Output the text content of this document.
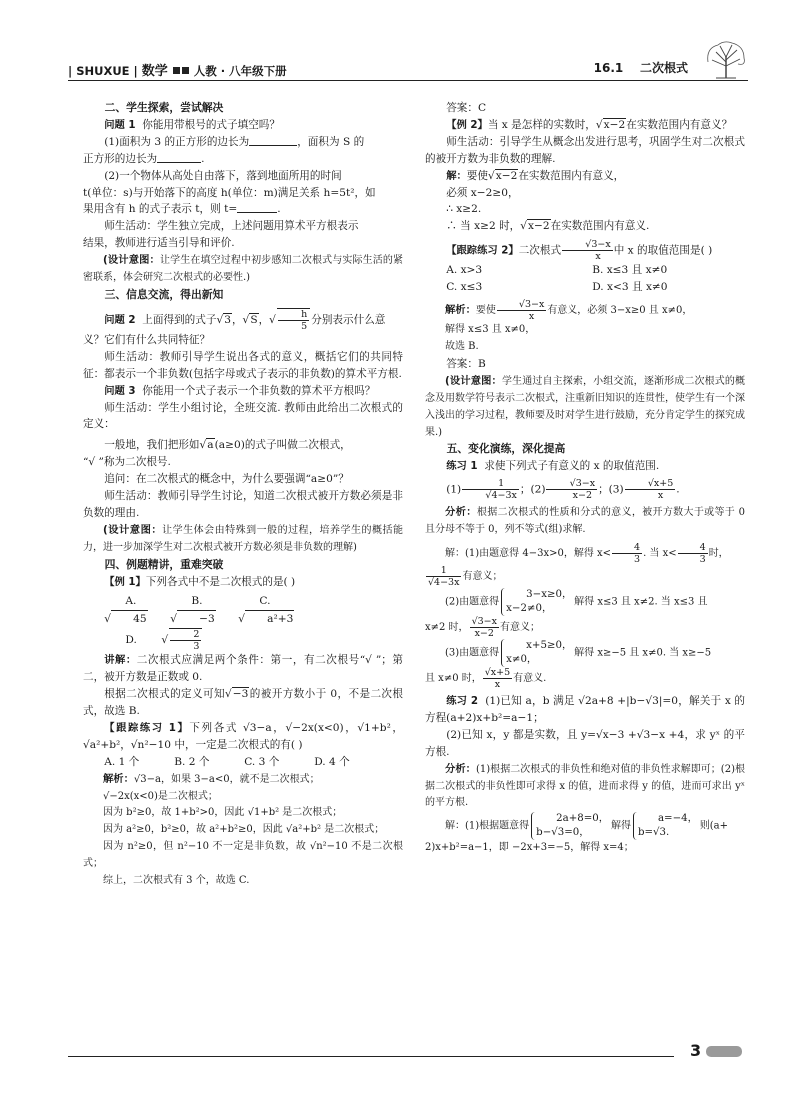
| SHUXUE | 数学 人教 · 八年级下册	16.1 二次根式

二、学生探索，尝试解决

问题 1 你能用带根号的式子填空吗？

(1)面积为 3 的正方形的边长为	，面积为 S 的

正方形的边长为	.

(2)一个物体从高处自由落下，落到地面所用的时间

t(单位：s)与开始落下的高度 h(单位：m)满足关系 h=5t²，如

果用含有 h 的式子表示 t，则 t=	.

师生活动：学生独立完成，上述问题用算术平方根表示

结果，教师进行适当引导和评价.

(设计意图：让学生在填空过程中初步感知二次根式与实际生活的紧密联系，体会研究二次根式的必要性.)

三、信息交流，得出新知

问题 2 上面得到的式子√3，√S，√ $\frac{h}{5}$ 分别表示什么意

义？它们有什么共同特征？

师生活动：教师引导学生说出各式的意义，概括它们的共同特征：都表示一个非负数(包括字母或式子表示的非负数)的算术平方根.

问题 3 你能用一个式子表示一个非负数的算术平方根吗？

师生活动：学生小组讨论，全班交流. 教师由此给出二次根式的定义：

一般地，我们把形如√a(a≥0)的式子叫做二次根式，

“√ ”称为二次根号.

追问：在二次根式的概念中，为什么要强调“a≥0”？

师生活动：教师引导学生讨论，知道二次根式被开方数必须是非负数的理由.

(设计意图：让学生体会由特殊到一般的过程，培养学生的概括能力，进一步加深学生对二次根式被开方数必须是非负数的理解)

四、例题精讲，重难突破

【例 1】下列各式中不是二次根式的是( )

A. √ 45
B. √ −3
C. √ a²+3
D. √ $\frac{2}{3}$

讲解：二次根式应满足两个条件：第一，有二次根号“√ ”；第二，被开方数是正数或 0.

根据二次根式的定义可知√−3的被开方数小于 0，不是二次根式，故选 B.

【跟踪练习 1】下列各式 √3−a，√−2x(x<0)，√1+b²，√a²+b²，√n²−10 中，一定是二次根式的有( )

A. 1 个	B. 2 个	C. 3 个	D. 4 个

解析：√3−a，如果 3−a<0，就不是二次根式；

√−2x(x<0)是二次根式；

因为 b²≥0，故 1+b²>0，因此 √1+b² 是二次根式；

因为 a²≥0，b²≥0，故 a²+b²≥0，因此 √a²+b² 是二次根式；

因为 n²≥0，但 n²−10 不一定是非负数，故 √n²−10 不是二次根式；

综上，二次根式有 3 个，故选 C.

答案：C

【例 2】当 x 是怎样的实数时，√x−2在实数范围内有意义？

师生活动：引导学生从概念出发进行思考，巩固学生对二次根式的被开方数为非负数的理解.

解：要使√x−2在实数范围内有意义，

必须 x−2≥0，

∴ x≥2.

∴ 当 x≥2 时，√x−2在实数范围内有意义.

【跟踪练习 2】二次根式 $\frac{√3-x}{x}$ 中 x 的取值范围是( )

A. x>3	B. x≤3 且 x≠0

C. x≤3	D. x<3 且 x≠0

解析：要使 $\frac{√3-x}{x}$ 有意义，必须 3−x≥0 且 x≠0，

解得 x≤3 且 x≠0，

故选 B.

答案：B

(设计意图：学生通过自主探索，小组交流，逐渐形成二次根式的概念及用数学符号表示二次根式，注重新旧知识的连贯性，使学生有一个深入浅出的学习过程，教师要及时对学生进行鼓励，充分肯定学生的探究成果.)

五、变化演练，深化提高

练习 1 求使下列式子有意义的 x 的取值范围.

$(1) \frac{1}{√4-3x}$ ；$(2) \frac{√3-x}{x-2}$ ；$(3) \frac{√x+5}{x}$ .

分析：根据二次根式的性质和分式的意义，被开方数大于或等于 0 且分母不等于 0，列不等式(组)求解.

解：(1)由题意得 4−3x>0，解得 $x< \frac{4}{3}$ . 当 $x< \frac{4}{3}$ 时，

$\frac{1}{√4-3x}$ 有意义；

(2)由题意得3−x≥0，
x−2≠0，解得 x≤3 且 x≠2. 当 x≤3 且

x≠2 时， $\frac{√3-x}{x-2}$ 有意义；

(3)由题意得x+5≥0，
x≠0，解得 x≥−5 且 x≠0. 当 x≥−5

且 x≠0 时， $\frac{√x+5}{x}$ 有意义.

练习 2 (1)已知 a，b 满足 √2a+8 +|b−√3|=0，解关于 x 的方程(a+2)x+b²=a−1；

(2)已知 x，y 都是实数，且 y=√x−3 +√3−x +4，求 yˣ 的平方根.

分析：(1)根据二次根式的非负性和绝对值的非负性求解即可；(2)根据二次根式的非负性即可求得 x 的值，进而求得 y 的值，进而可求出 yˣ 的平方根.

解：(1)根据题意得2a+8=0，
b−√3=0，解得a=−4，
b=√3.则(a+

2)x+b²=a−1，即 −2x+3=−5，解得 x=4；

3
